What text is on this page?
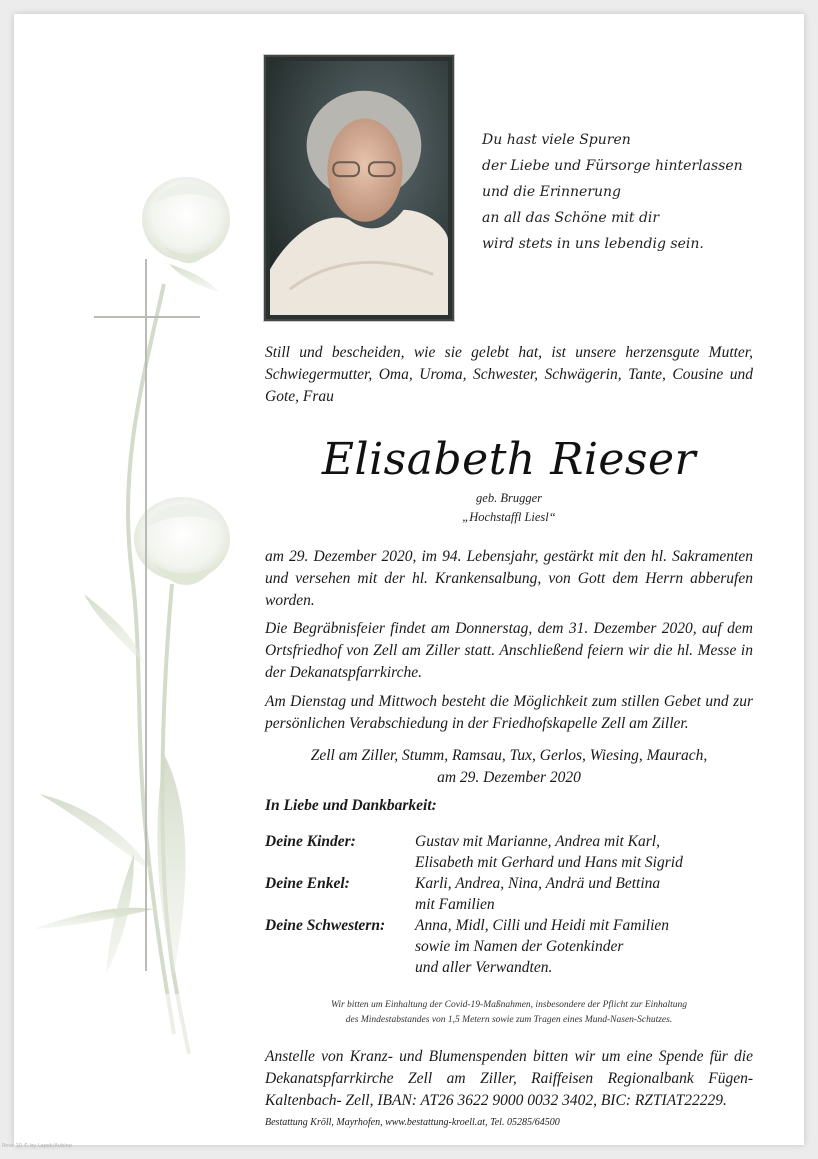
Du hast viele Spuren
der Liebe und Fürsorge hinterlassen
und die Erinnerung
an all das Schöne mit dir
wird stets in uns lebendig sein.
Still und bescheiden, wie sie gelebt hat, ist unsere herzensgute Mutter, Schwiegermutter, Oma, Uroma, Schwester, Schwägerin, Tante, Cousine und Gote, Frau
Elisabeth Rieser
geb. Brugger
„Hochstaffl Liesl“
am 29. Dezember 2020, im 94. Lebensjahr, gestärkt mit den hl. Sakramenten und versehen mit der hl. Krankensalbung, von Gott dem Herrn abberufen worden.
Die Begräbnisfeier findet am Donnerstag, dem 31. Dezember 2020, auf dem Ortsfriedhof von Zell am Ziller statt. Anschließend feiern wir die hl. Messe in der Dekanatspfarrkirche.
Am Dienstag und Mittwoch besteht die Möglichkeit zum stillen Gebet und zur persönlichen Verabschiedung in der Friedhofskapelle Zell am Ziller.
Zell am Ziller, Stumm, Ramsau, Tux, Gerlos, Wiesing, Maurach,
am 29. Dezember 2020
In Liebe und Dankbarkeit:
Deine Kinder:	Gustav mit Marianne, Andrea mit Karl,
Elisabeth mit Gerhard und Hans mit Sigrid
Deine Enkel:	Karli, Andrea, Nina, Andrä und Bettina
mit Familien
Deine Schwestern:	Anna, Midl, Cilli und Heidi mit Familien
sowie im Namen der Gotenkinder
und aller Verwandten.
Wir bitten um Einhaltung der Covid-19-Maßnahmen, insbesondere der Pflicht zur Einhaltung
des Mindestabstandes von 1,5 Metern sowie zum Tragen eines Mund-Nasen-Schutzes.
Anstelle von Kranz- und Blumenspenden bitten wir um eine Spende für die Dekanatspfarrkirche Zell am Ziller, Raiffeisen Regionalbank Fügen-Kaltenbach- Zell, IBAN: AT26 3622 9000 0032 3402, BIC: RZTIAT22229.
Bestattung Kröll, Mayrhofen, www.bestattung-kroell.at, Tel. 05285/64500
Rose 10 © by Lapok/Aubine
